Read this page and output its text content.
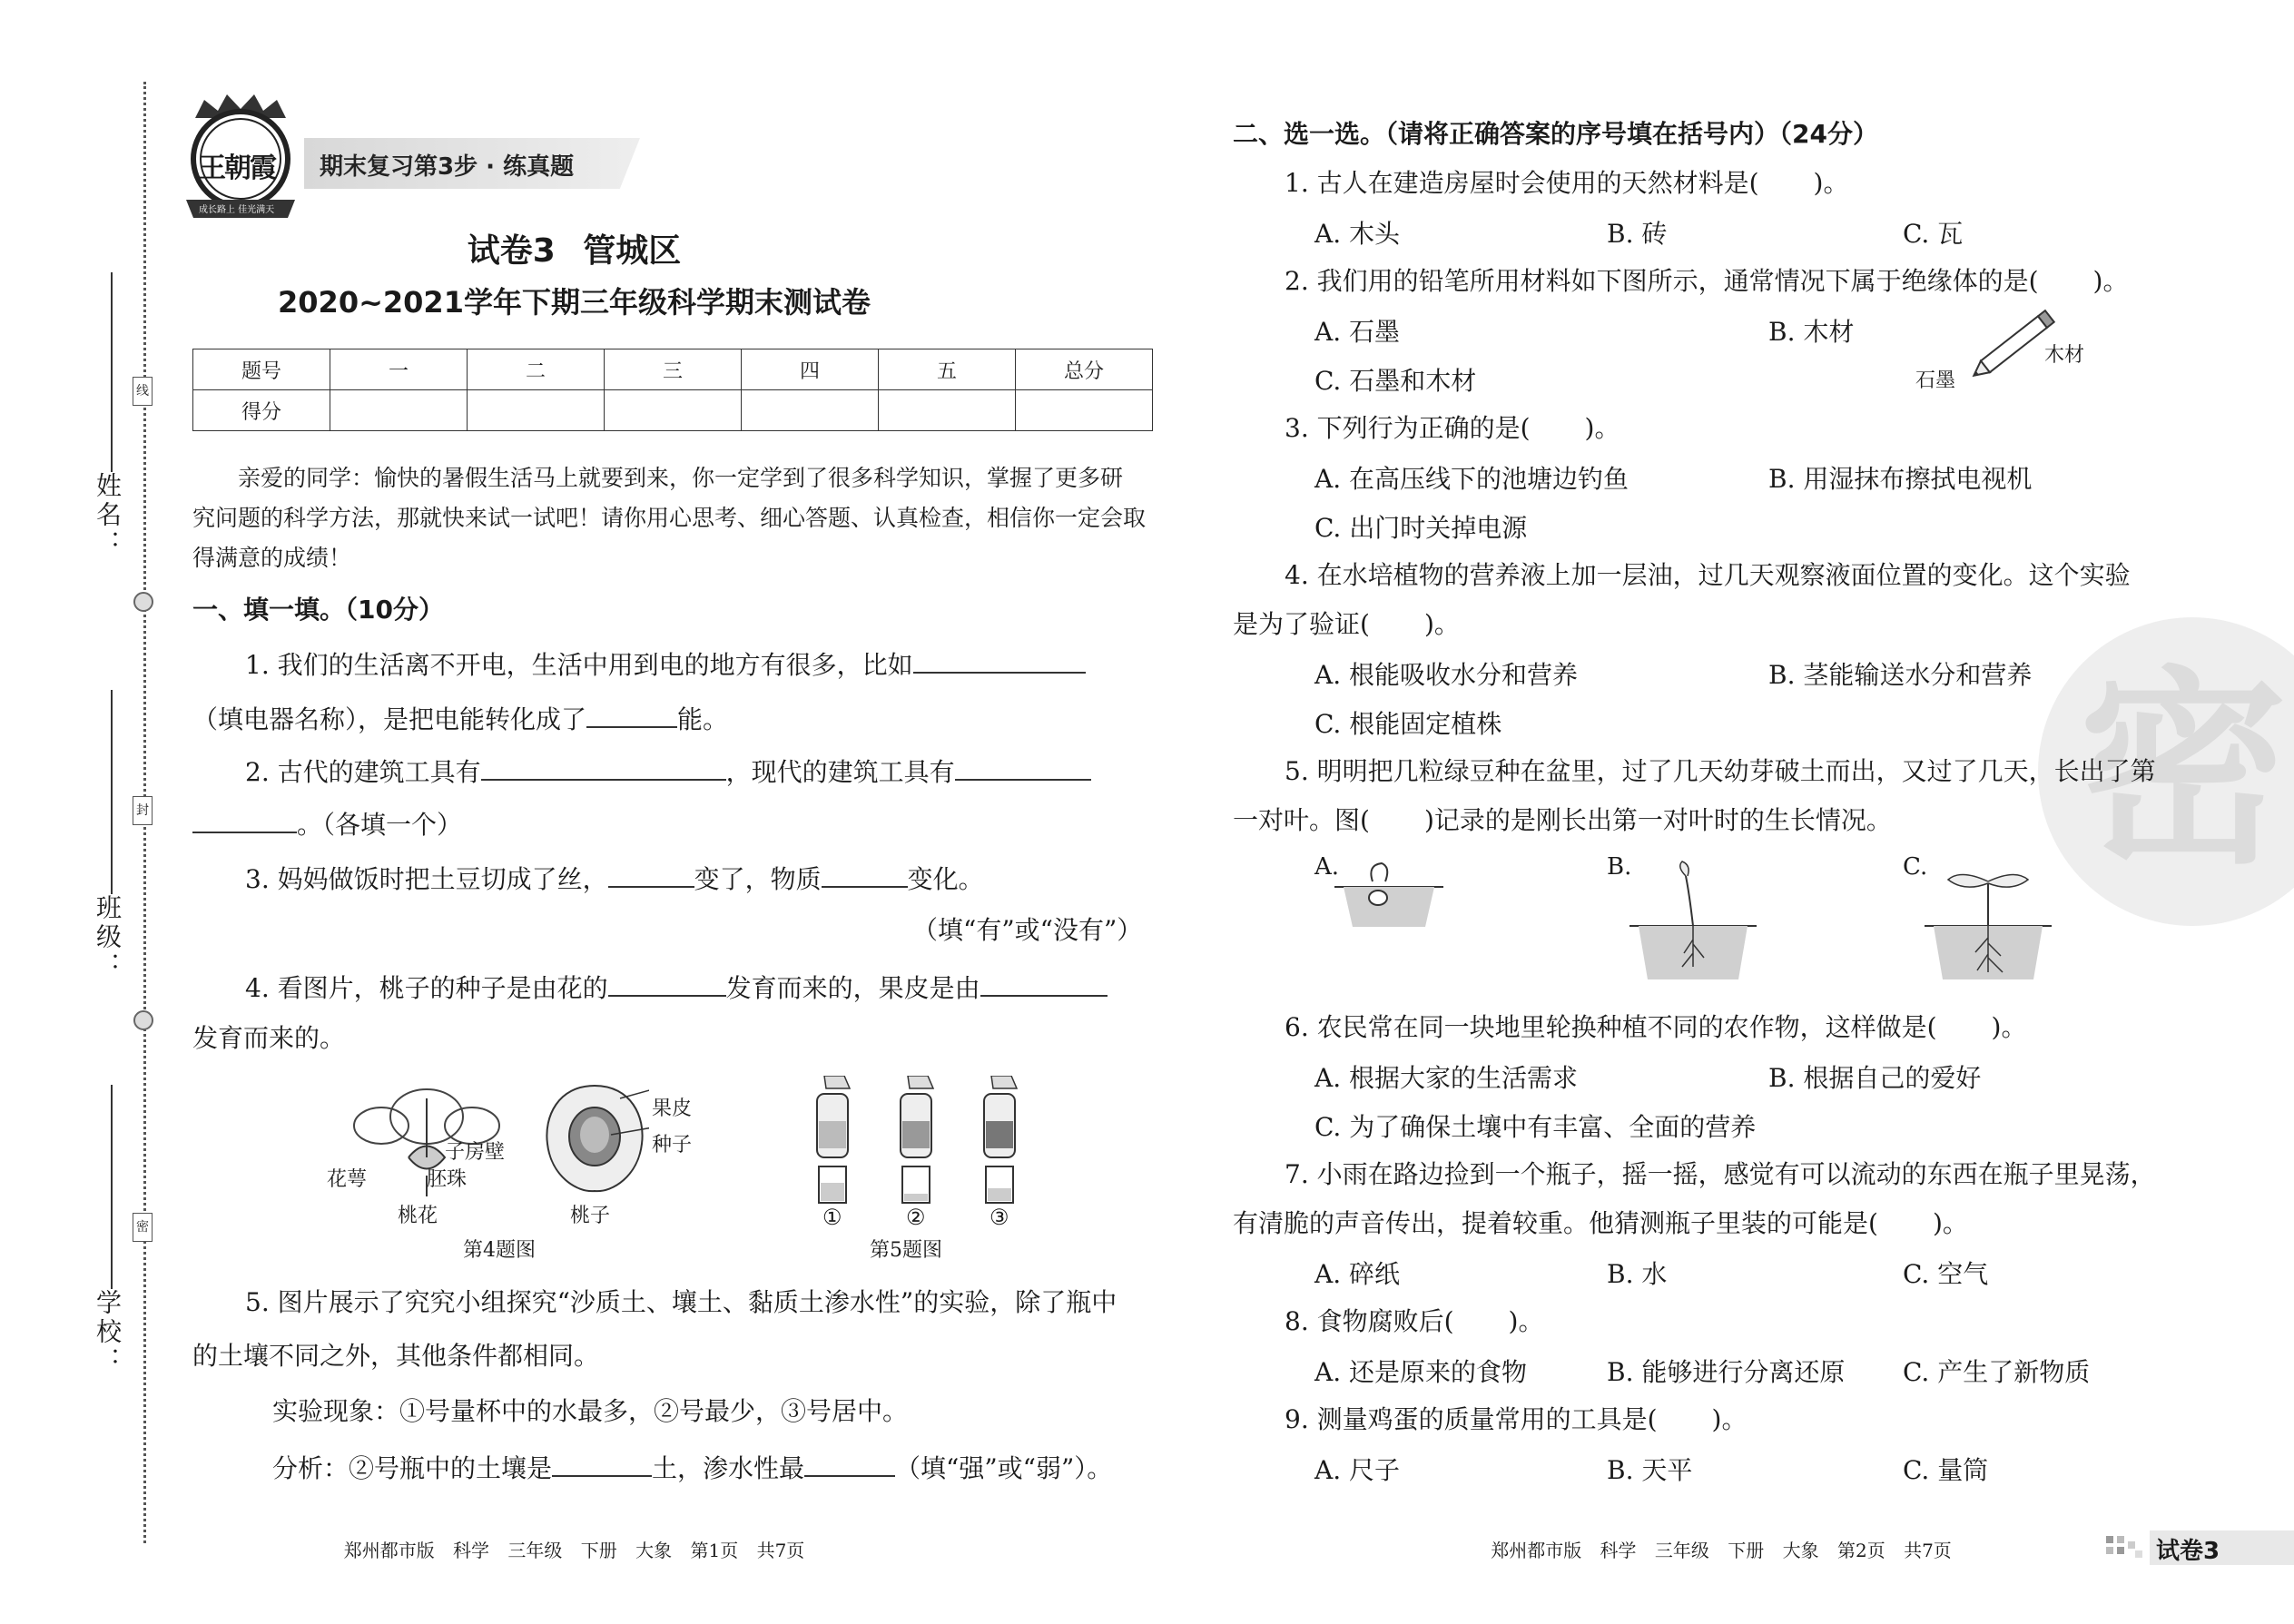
姓名：
班级：
学校：
线
封
密
王朝霞
成长路上 佳光满天
期末复习第3步 · 练真题
试卷3 管城区
2020~2021学年下期三年级科学期末测试卷
题号	一	二	三	四	五	总分
得分						
亲爱的同学：愉快的暑假生活马上就要到来，你一定学到了很多科学知识，掌握了更多研
究问题的科学方法，那就快来试一试吧！请你用心思考、细心答题、认真检查，相信你一定会取
得满意的成绩！
一、填一填。（10分）
1. 我们的生活离不开电，生活中用到电的地方有很多，比如
（填电器名称），是把电能转化成了	能。
2. 古代的建筑工具有	，现代的建筑工具有
。（各填一个）
3. 妈妈做饭时把土豆切成了丝，	变了，物质	变化。
（填“有”或“没有”）
4. 看图片，桃子的种子是由花的	发育而来的，果皮是由
发育而来的。
子房壁
胚珠
花萼
桃花
果皮
种子
桃子
第4题图
①	②	③
第5题图
5. 图片展示了究究小组探究“沙质土、壤土、黏质土渗水性”的实验，除了瓶中
的土壤不同之外，其他条件都相同。
实验现象：①号量杯中的水最多，②号最少，③号居中。
分析：②号瓶中的土壤是	土，渗水性最	（填“强”或“弱”）。
郑州都市版 科学 三年级 下册 大象 第1页 共7页
密
二、选一选。（请将正确答案的序号填在括号内）（24分）
1. 古人在建造房屋时会使用的天然材料是( )。
A. 木头	B. 砖	C. 瓦
2. 我们用的铅笔所用材料如下图所示，通常情况下属于绝缘体的是( )。
A. 石墨	B. 木材
C. 石墨和木材
木材
石墨
3. 下列行为正确的是( )。
A. 在高压线下的池塘边钓鱼	B. 用湿抹布擦拭电视机
C. 出门时关掉电源
4. 在水培植物的营养液上加一层油，过几天观察液面位置的变化。这个实验
是为了验证( )。
A. 根能吸收水分和营养	B. 茎能输送水分和营养
C. 根能固定植株
5. 明明把几粒绿豆种在盆里，过了几天幼芽破土而出，又过了几天，长出了第
一对叶。图( )记录的是刚长出第一对叶时的生长情况。
A.	B.	C.
6. 农民常在同一块地里轮换种植不同的农作物，这样做是( )。
A. 根据大家的生活需求	B. 根据自己的爱好
C. 为了确保土壤中有丰富、全面的营养
7. 小雨在路边捡到一个瓶子，摇一摇，感觉有可以流动的东西在瓶子里晃荡，
有清脆的声音传出，提着较重。他猜测瓶子里装的可能是( )。
A. 碎纸	B. 水	C. 空气
8. 食物腐败后( )。
A. 还是原来的食物	B. 能够进行分离还原 C. 产生了新物质
9. 测量鸡蛋的质量常用的工具是( )。
A. 尺子	B. 天平	C. 量筒
郑州都市版 科学 三年级 下册 大象 第2页 共7页	试卷3
